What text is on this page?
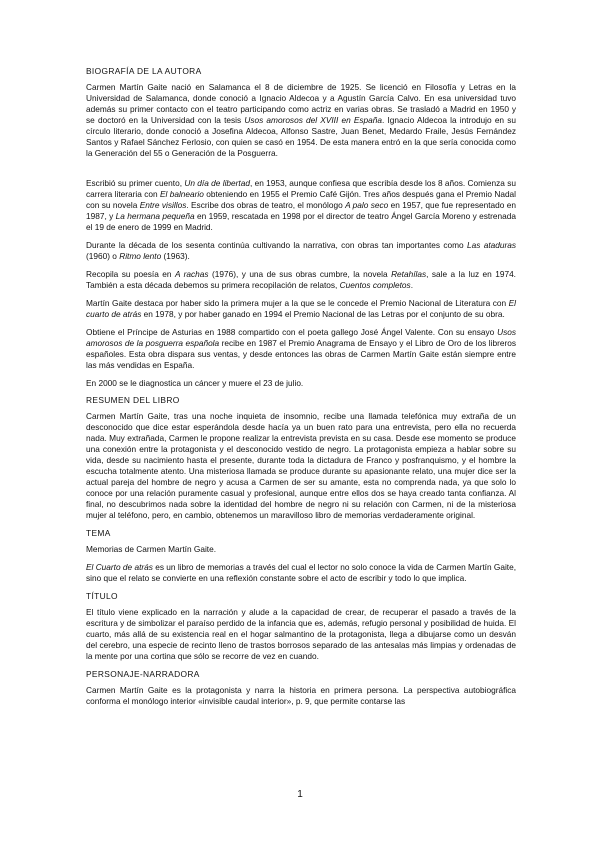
BIOGRAFÍA DE LA AUTORA

Carmen Martín Gaite nació en Salamanca el 8 de diciembre de 1925. Se licenció en Filosofía y Letras en la Universidad de Salamanca, donde conoció a Ignacio Aldecoa y a Agustín García Calvo. En esa universidad tuvo además su primer contacto con el teatro participando como actriz en varias obras. Se trasladó a Madrid en 1950 y se doctoró en la Universidad con la tesis Usos amorosos del XVIII en España. Ignacio Aldecoa la introdujo en su círculo literario, donde conoció a Josefina Aldecoa, Alfonso Sastre, Juan Benet, Medardo Fraile, Jesús Fernández Santos y Rafael Sánchez Ferlosio, con quien se casó en 1954. De esta manera entró en la que sería conocida como la Generación del 55 o Generación de la Posguerra.

Escribió su primer cuento, Un día de libertad, en 1953, aunque confiesa que escribía desde los 8 años. Comienza su carrera literaria con El balneario obteniendo en 1955 el Premio Café Gijón. Tres años después gana el Premio Nadal con su novela Entre visillos. Escribe dos obras de teatro, el monólogo A palo seco en 1957, que fue representado en 1987, y La hermana pequeña en 1959, rescatada en 1998 por el director de teatro Ángel García Moreno y estrenada el 19 de enero de 1999 en Madrid.

Durante la década de los sesenta continúa cultivando la narrativa, con obras tan importantes como Las ataduras (1960) o Ritmo lento (1963).

Recopila su poesía en A rachas (1976), y una de sus obras cumbre, la novela Retahílas, sale a la luz en 1974. También a esta década debemos su primera recopilación de relatos, Cuentos completos.

Martín Gaite destaca por haber sido la primera mujer a la que se le concede el Premio Nacional de Literatura con El cuarto de atrás en 1978, y por haber ganado en 1994 el Premio Nacional de las Letras por el conjunto de su obra.

Obtiene el Príncipe de Asturias en 1988 compartido con el poeta gallego José Ángel Valente. Con su ensayo Usos amorosos de la posguerra española recibe en 1987 el Premio Anagrama de Ensayo y el Libro de Oro de los libreros españoles. Esta obra dispara sus ventas, y desde entonces las obras de Carmen Martín Gaite están siempre entre las más vendidas en España.

En 2000 se le diagnostica un cáncer y muere el 23 de julio.

RESUMEN DEL LIBRO

Carmen Martín Gaite, tras una noche inquieta de insomnio, recibe una llamada telefónica muy extraña de un desconocido que dice estar esperándola desde hacía ya un buen rato para una entrevista, pero ella no recuerda nada. Muy extrañada, Carmen le propone realizar la entrevista prevista en su casa. Desde ese momento se produce una conexión entre la protagonista y el desconocido vestido de negro. La protagonista empieza a hablar sobre su vida, desde su nacimiento hasta el presente, durante toda la dictadura de Franco y posfranquismo, y el hombre la escucha totalmente atento. Una misteriosa llamada se produce durante su apasionante relato, una mujer dice ser la actual pareja del hombre de negro y acusa a Carmen de ser su amante, esta no comprenda nada, ya que solo lo conoce por una relación puramente casual y profesional, aunque entre ellos dos se haya creado tanta confianza. Al final, no descubrimos nada sobre la identidad del hombre de negro ni su relación con Carmen, ni de la misteriosa mujer al teléfono, pero, en cambio, obtenemos un maravilloso libro de memorias verdaderamente original.

TEMA

Memorias de Carmen Martín Gaite.

El Cuarto de atrás es un libro de memorias a través del cual el lector no solo conoce la vida de Carmen Martín Gaite, sino que el relato se convierte en una reflexión constante sobre el acto de escribir y todo lo que implica.

TÍTULO

El título viene explicado en la narración y alude a la capacidad de crear, de recuperar el pasado a través de la escritura y de simbolizar el paraíso perdido de la infancia que es, además, refugio personal y posibilidad de huida. El cuarto, más allá de su existencia real en el hogar salmantino de la protagonista, llega a dibujarse como un desván del cerebro, una especie de recinto lleno de trastos borrosos separado de las antesalas más limpias y ordenadas de la mente por una cortina que sólo se recorre de vez en cuando.

PERSONAJE-NARRADORA

Carmen Martín Gaite es la protagonista y narra la historia en primera persona. La perspectiva autobiográfica conforma el monólogo interior «invisible caudal interior», p. 9, que permite contarse las

1
